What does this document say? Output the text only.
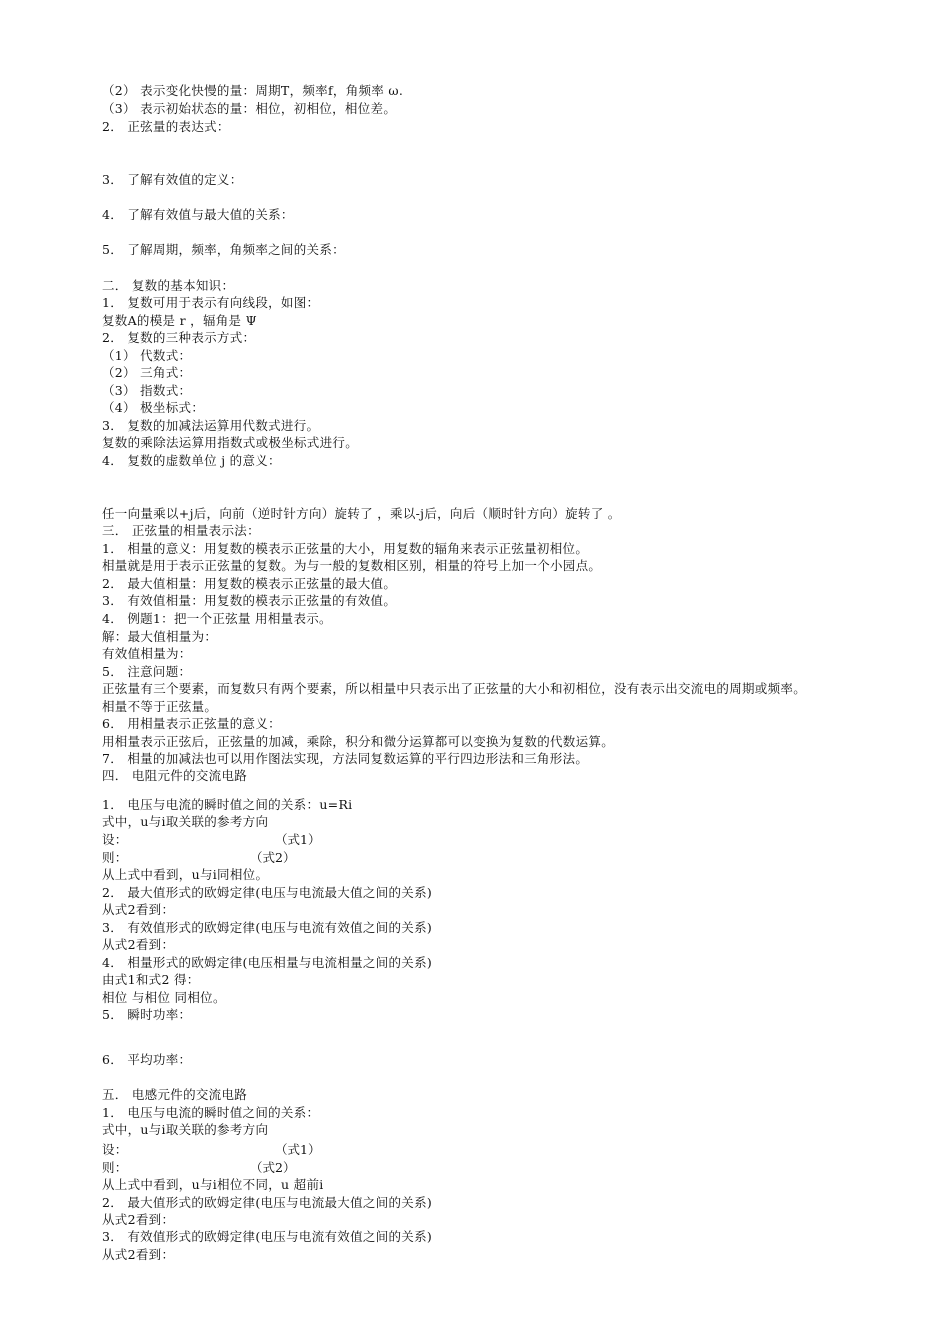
（2） 表示变化快慢的量：周期T，频率f，角频率 ω.
（3） 表示初始状态的量：相位，初相位，相位差。
2． 正弦量的表达式：
3． 了解有效值的定义：
4． 了解有效值与最大值的关系：
5． 了解周期，频率，角频率之间的关系：
二． 复数的基本知识：
1． 复数可用于表示有向线段，如图：
复数A的模是 r ，辐角是 Ψ
2． 复数的三种表示方式：
（1） 代数式：
（2） 三角式：
（3） 指数式：
（4） 极坐标式：
3． 复数的加减法运算用代数式进行。
复数的乘除法运算用指数式或极坐标式进行。
4． 复数的虚数单位 j 的意义：
任一向量乘以+j后，向前（逆时针方向）旋转了 ，乘以-j后，向后（顺时针方向）旋转了 。
三． 正弦量的相量表示法：
1． 相量的意义：用复数的模表示正弦量的大小，用复数的辐角来表示正弦量初相位。
相量就是用于表示正弦量的复数。为与一般的复数相区别，相量的符号上加一个小园点。
2． 最大值相量：用复数的模表示正弦量的最大值。
3． 有效值相量：用复数的模表示正弦量的有效值。
4． 例题1：把一个正弦量 用相量表示。
解：最大值相量为：
有效值相量为：
5． 注意问题：
正弦量有三个要素，而复数只有两个要素，所以相量中只表示出了正弦量的大小和初相位，没有表示出交流电的周期或频率。
相量不等于正弦量。
6． 用相量表示正弦量的意义：
用相量表示正弦后，正弦量的加减，乘除，积分和微分运算都可以变换为复数的代数运算。
7． 相量的加减法也可以用作图法实现，方法同复数运算的平行四边形法和三角形法。
四． 电阻元件的交流电路
1． 电压与电流的瞬时值之间的关系：u=Ri
式中，u与i取关联的参考方向
设：
则：
从上式中看到，u与i同相位。
2． 最大值形式的欧姆定律(电压与电流最大值之间的关系)
从式2看到：
3． 有效值形式的欧姆定律(电压与电流有效值之间的关系)
从式2看到：
4． 相量形式的欧姆定律(电压相量与电流相量之间的关系)
由式1和式2 得：
相位 与相位 同相位。
5． 瞬时功率：
6． 平均功率：
五． 电感元件的交流电路
1． 电压与电流的瞬时值之间的关系：
式中，u与i取关联的参考方向
设：
则：
从上式中看到，u与i相位不同，u 超前i
2． 最大值形式的欧姆定律(电压与电流最大值之间的关系)
从式2看到：
3． 有效值形式的欧姆定律(电压与电流有效值之间的关系)
从式2看到：
（式1）
（式2）
（式1）
（式2）
